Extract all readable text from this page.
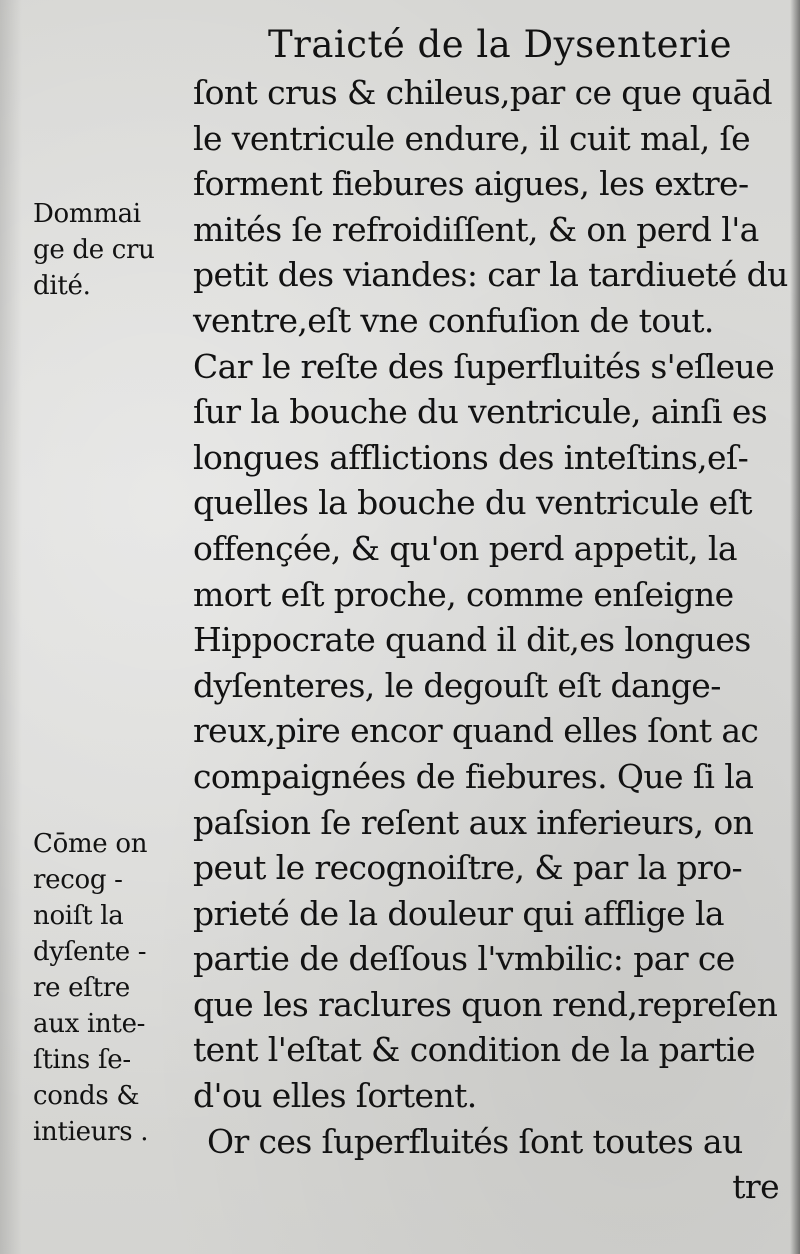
Traicté de la Dysenterie
Dommai
ge de cru
dité.
Cōme on
recog -
noiſt la
dyſente -
re eſtre
aux inte-
ſtins ſe-
conds &
intieurs .
ſont crus & chileus,par ce que quād
le ventricule endure, il cuit mal, ſe
forment fiebures aigues, les extre-
mités ſe refroidiſſent, & on perd l'a
petit des viandes: car la tardiueté du
ventre,eſt vne confuſion de tout.
Car le reſte des ſuperfluités s'eſleue
ſur la bouche du ventricule, ainſi es
longues afflictions des inteſtins,eſ-
quelles la bouche du ventricule eſt
offençée, & qu'on perd appetit, la
mort eſt proche, comme enſeigne
Hippocrate quand il dit,es longues
dyſenteres, le degouſt eſt dange-
reux,pire encor quand elles ſont ac
compaignées de fiebures. Que ſi la
paſsion ſe reſent aux inferieurs, on
peut le recognoiſtre, & par la pro-
prieté de la douleur qui afflige la
partie de deſſous l'vmbilic: par ce
que les raclures quon rend,repreſen
tent l'eſtat & condition de la partie
d'ou elles ſortent.
Or ces ſuperfluités ſont toutes au
tre
